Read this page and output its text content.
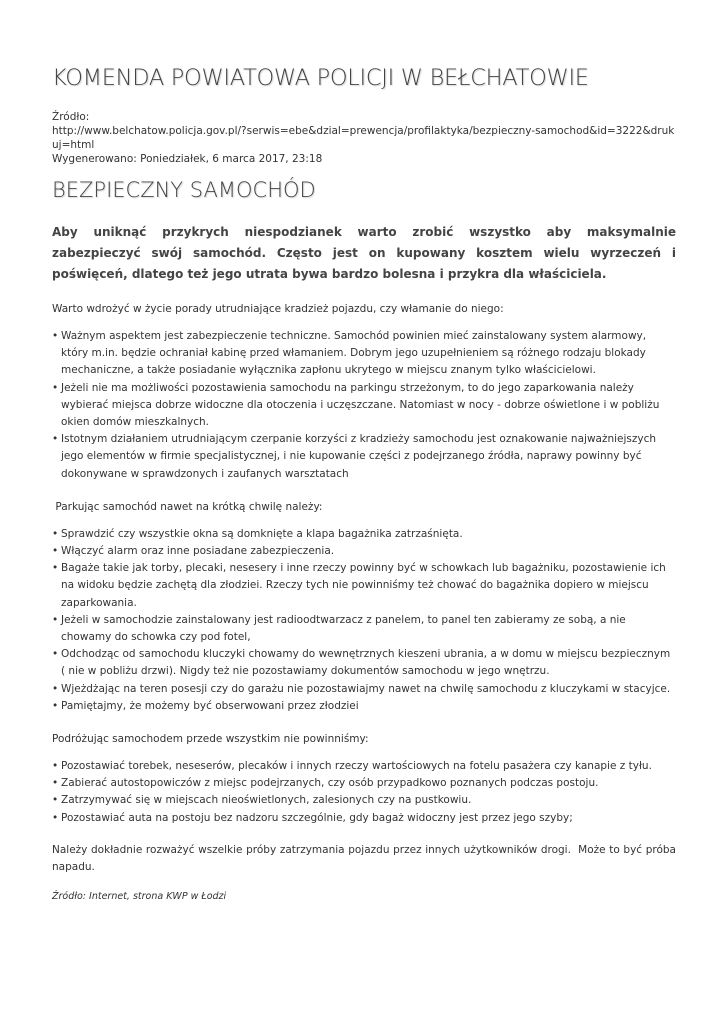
KOMENDA POWIATOWA POLICJI W BEŁCHATOWIE
Źródło:
http://www.belchatow.policja.gov.pl/?serwis=ebe&dzial=prewencja/profilaktyka/bezpieczny-samochod&id=3222&drukuj=html
Wygenerowano: Poniedziałek, 6 marca 2017, 23:18
BEZPIECZNY SAMOCHÓD
Aby uniknąć przykrych niespodzianek warto zrobić wszystko aby maksymalnie zabezpieczyć swój samochód. Często jest on kupowany kosztem wielu wyrzeczeń i poświęceń, dlatego też jego utrata bywa bardzo bolesna i przykra dla właściciela.
Warto wdrożyć w życie porady utrudniające kradzież pojazdu, czy włamanie do niego:
• Ważnym aspektem jest zabezpieczenie techniczne. Samochód powinien mieć zainstalowany system alarmowy, który m.in. będzie ochraniał kabinę przed włamaniem. Dobrym jego uzupełnieniem są różnego rodzaju blokady mechaniczne, a także posiadanie wyłącznika zapłonu ukrytego w miejscu znanym tylko właścicielowi.
• Jeżeli nie ma możliwości pozostawienia samochodu na parkingu strzeżonym, to do jego zaparkowania należy wybierać miejsca dobrze widoczne dla otoczenia i uczęszczane. Natomiast w nocy - dobrze oświetlone i w pobliżu okien domów mieszkalnych.
• Istotnym działaniem utrudniającym czerpanie korzyści z kradzieży samochodu jest oznakowanie najważniejszych jego elementów w firmie specjalistycznej, i nie kupowanie części z podejrzanego źródła, naprawy powinny być dokonywane w sprawdzonych i zaufanych warsztatach
Parkując samochód nawet na krótką chwilę należy:
• Sprawdzić czy wszystkie okna są domknięte a klapa bagażnika zatrzaśnięta.
• Włączyć alarm oraz inne posiadane zabezpieczenia.
• Bagaże takie jak torby, plecaki, nesesery i inne rzeczy powinny być w schowkach lub bagażniku, pozostawienie ich na widoku będzie zachętą dla złodziei. Rzeczy tych nie powinniśmy też chować do bagażnika dopiero w miejscu zaparkowania.
• Jeżeli w samochodzie zainstalowany jest radioodtwarzacz z panelem, to panel ten zabieramy ze sobą, a nie chowamy do schowka czy pod fotel,
• Odchodząc od samochodu kluczyki chowamy do wewnętrznych kieszeni ubrania, a w domu w miejscu bezpiecznym ( nie w pobliżu drzwi). Nigdy też nie pozostawiamy dokumentów samochodu w jego wnętrzu.
• Wjeżdżając na teren posesji czy do garażu nie pozostawiajmy nawet na chwilę samochodu z kluczykami w stacyjce.
• Pamiętajmy, że możemy być obserwowani przez złodziei
Podróżując samochodem przede wszystkim nie powinniśmy:
• Pozostawiać torebek, neseserów, plecaków i innych rzeczy wartościowych na fotelu pasażera czy kanapie z tyłu.
• Zabierać autostopowiczów z miejsc podejrzanych, czy osób przypadkowo poznanych podczas postoju.
• Zatrzymywać się w miejscach nieoświetlonych, zalesionych czy na pustkowiu.
• Pozostawiać auta na postoju bez nadzoru szczególnie, gdy bagaż widoczny jest przez jego szyby;
Należy dokładnie rozważyć wszelkie próby zatrzymania pojazdu przez innych użytkowników drogi.  Może to być próba napadu.
Źródło: Internet, strona KWP w Łodzi
